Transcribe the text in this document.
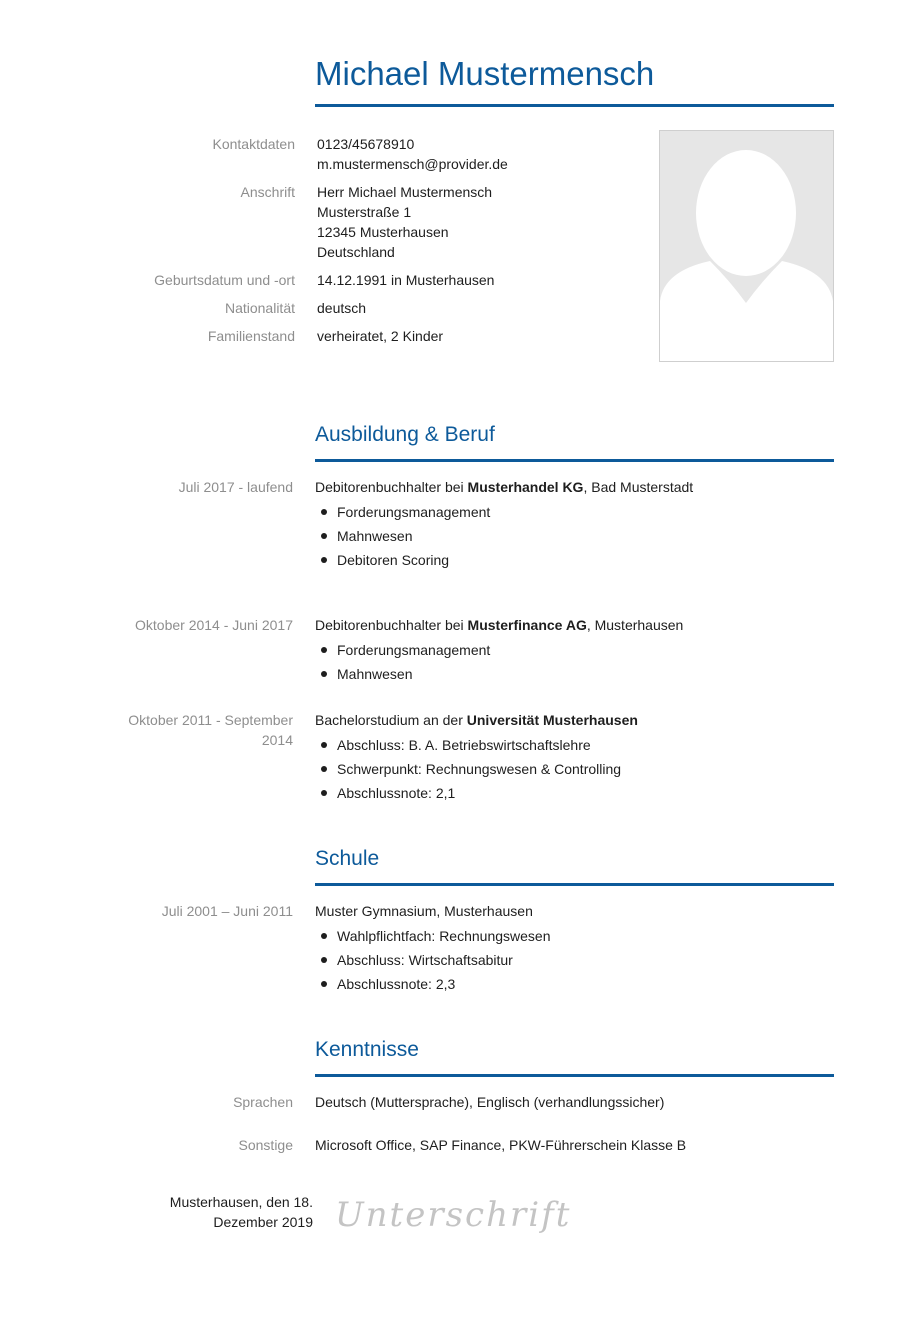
Michael Mustermensch
Kontaktdaten 0123/45678910
m.mustermensch@provider.de
Anschrift Herr Michael Mustermensch
Musterstraße 1
12345 Musterhausen
Deutschland
Geburtsdatum und -ort 14.12.1991 in Musterhausen
Nationalität deutsch
Familienstand verheiratet, 2 Kinder
Ausbildung & Beruf
Juli 2017 - laufend Debitorenbuchhalter bei Musterhandel KG, Bad Musterstadt
Forderungsmanagement
Mahnwesen
Debitoren Scoring
Oktober 2014 - Juni 2017 Debitorenbuchhalter bei Musterfinance AG, Musterhausen
Forderungsmanagement
Mahnwesen
Oktober 2011 - September
2014
Bachelorstudium an der Universität Musterhausen
Abschluss: B. A. Betriebswirtschaftslehre
Schwerpunkt: Rechnungswesen & Controlling
Abschlussnote: 2,1
Schule
Juli 2001 – Juni 2011 Muster Gymnasium, Musterhausen
Wahlpflichtfach: Rechnungswesen
Abschluss: Wirtschaftsabitur
Abschlussnote: 2,3
Kenntnisse
Sprachen Deutsch (Muttersprache), Englisch (verhandlungssicher)
Sonstige Microsoft Office, SAP Finance, PKW-Führerschein Klasse B
Musterhausen, den 18.
Dezember 2019 Unterschrift
